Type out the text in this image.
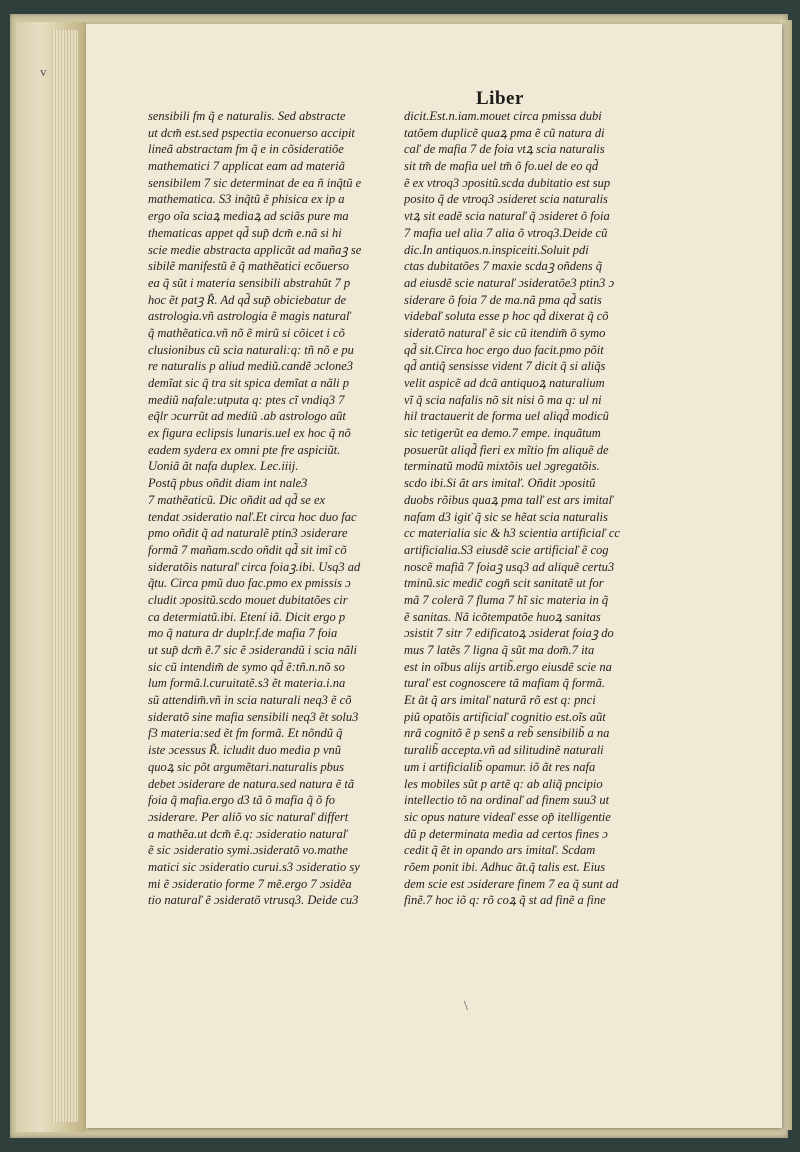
v
Liber
\
sensibili fm q̃ e naturalis. Sed abstracte
ut dcm̃ est.sed pspectia econuerso accipit
lineã abstractam fm q̃ e in cõsideratiõe
mathematici 7 applicat eam ad materiã
sensibilem 7 sic determinat de ea ñ inq̃tũ e
mathematica. S3 inq̃tũ ẽ phisica ex ip a
ergo oĩa sciaꝝ mediaꝝ ad sciãs pure ma
thematicas appet qd̃ sup̃ dcm̃ e.nã si hi
scie medie abstracta applicãt ad mañaꝫ se
sibilẽ manifestũ ẽ q̃ mathẽatici ecõuerso
ea q̃ sũt i materia sensibili abstrahũt 7 p
hoc ẽt patꝫ R̃. Ad qd̃ sup̃ obiciebatur de
astrologia.vñ astrologia ẽ magis naturaľ
q̃ mathẽatica.vñ nõ ẽ mirũ si cõicet i cõ
clusionibus cũ scia naturali:q: tñ nõ e pu
re naturalis p aliud mediũ.candẽ ɔclone3
demĩat sic q̃ tra sit spica demĩat a nãli p
mediũ nafale:utputa q: ptes cĩ vndiq3 7
eq̃lr ɔcurrũt ad mediũ .ab astrologo aũt
ex figura eclipsis lunaris.uel ex hoc q̃ nõ
eadem sydera ex omni pte fre aspiciũt.
Uoniã ãt nafa duplex. Lec.iiij.
Postq̃ pbus oñdit diam int nale3
7 mathẽaticũ. Dic oñdit ad qd̃ se ex
tendat ɔsideratio naľ.Et circa hoc duo fac
pmo oñdit q̃ ad naturalẽ ptin3 ɔsiderare
formã 7 mañam.scdo oñdit qd̃ sit imĩ cõ
sideratõis naturaľ circa foiaꝫ.ibi. Usq3 ad
q̃tu. Circa pmũ duo fac.pmo ex pmissis ɔ
cludit ɔpositũ.scdo mouet dubitatões cir
ca determiatũ.ibi. Etení iã. Dicit ergo p
mo q̃ natura dr duplr.f.de mafia 7 foia
ut sup̃ dcm̃ ẽ.7 sic ẽ ɔsiderandũ i scia nãli
sic cũ intendim̃ de symo qd̃ ẽ:tñ.n.nõ so
lum formã.l.curuitatẽ.s3 ẽt materia.i.na
sũ attendim̃.vñ in scia naturali neq3 ẽ cõ
sideratõ sine mafia sensibili neq3 ẽt solu3
f3 materia:sed ẽt fm formã. Et nõndũ q̃
iste ɔcessus R̃. icludit duo media p vnũ
quoꝝ sic põt argumẽtari.naturalis pbus
debet ɔsiderare de natura.sed natura ẽ tã
foia q̃ mafia.ergo d3 tã õ mafia q̃ õ fo
ɔsiderare. Per aliõ vo sic naturaľ differt
a mathẽa.ut dcm̃ ẽ.q: ɔsideratio naturaľ
ẽ sic ɔsideratio symi.ɔsideratõ vo.mathe
matici sic ɔsideratio curui.s3 ɔsideratio sy
mi ẽ ɔsideratio forme 7 mẽ.ergo 7 ɔsidẽa
tio naturaľ ẽ ɔsideratõ vtrusq3. Deide cu3
dicit.Est.n.iam.mouet circa pmissa dubi
tatõem duplicẽ quaꝝ pma ẽ cũ natura di
caľ de mafia 7 de foia vtꝝ scia naturalis
sit tm̃ de mafia uel tm̃ õ fo.uel de eo qd̃
ẽ ex vtroq3 ɔpositũ.scda dubitatio est sup
posito q̃ de vtroq3 ɔsideret scia naturalis
vtꝝ sit eadẽ scia naturaľ q̃ ɔsideret õ foia
7 mafia uel alia 7 alia õ vtroq3.Deide cũ
dic.In antiquos.n.inspiceiti.Soluit pdi
ctas dubitatões 7 maxie scdaꝫ oñdens q̃
ad eiusdẽ scie naturaľ ɔsideratõe3 ptin3 ɔ
siderare õ foia 7 de ma.nã pma qd̃ satis
videbaľ soluta esse p hoc qd̃ dixerat q̃ cõ
sideratõ naturaľ ẽ sic cũ itendim̃ õ symo
qd̃ sit.Circa hoc ergo duo facit.pmo põit
qd̃ antiq̃ sensisse vident 7 dicit q̃ si aliq̃s
velit aspicẽ ad dcã antiquoꝝ naturalium
vĩ q̃ scia nafalis nõ sit nisi õ ma q: ul ni
hil tractauerit de forma uel aliqd̃ modicũ
sic tetigerũt ea demo.7 empe. inquãtum
posuerũt aliqd̃ fieri ex mĩtio fm aliquẽ de
terminatũ modũ mixtõis uel ɔgregatõis.
scdo ibi.Si ãt ars imitaľ. Oñdit ɔpositũ
duobs rõibus quaꝝ pma talľ est ars imitaľ
nafam d3 igiť q̃ sic se hẽat scia naturalis
cc materialia sic & h3 scientia artificiaľ cc
artificialia.S3 eiusdẽ scie artificiaľ ẽ cog
noscẽ mafiã 7 foiaꝫ usq3 ad aliquẽ certu3
tminũ.sic medic̃ cogn̆ scit sanitatẽ ut for
mã 7 colerã 7 fluma 7 hĩ sic materia in q̃
ẽ sanitas. Nã icõtempatõe huoꝝ sanitas
ɔsistit 7 sitr 7 edificatoꝝ ɔsiderat foiaꝫ do
mus 7 latẽs 7 ligna q̃ sũt ma dom̃.7 ita
est in oĩbus alijs artib̃.ergo eiusdẽ scie na
turaľ est cognoscere tã mafiam q̃ formã.
Et ãt q̃ ars imitaľ naturã rõ est q: pnci
piũ opatõis artificiaľ cognitio est.oĩs aũt
nrã cognitõ ẽ p sens̃ a reb̃ sensibilib̃ a na
turalib̃ accepta.vñ ad silitudinẽ naturali
um i artificialib̃ opamur. iõ ãt res nafa
les mobiles sũt p artẽ q: ab aliq̃ pncipio
intellectio tõ na ordinaľ ad finem suu3 ut
sic opus nature videaľ esse op̃ itelligentie
dũ p determinata media ad certos fines ɔ
cedit q̃ ẽt in opando ars imitaľ. Scdam
rõem ponit ibi. Adhuc ãt.q̃ talis est. Eius
dem scie est ɔsiderare finem 7 ea q̃ sunt ad
finẽ.7 hoc iõ q: rõ coꝝ q̃ st ad finẽ a fine
